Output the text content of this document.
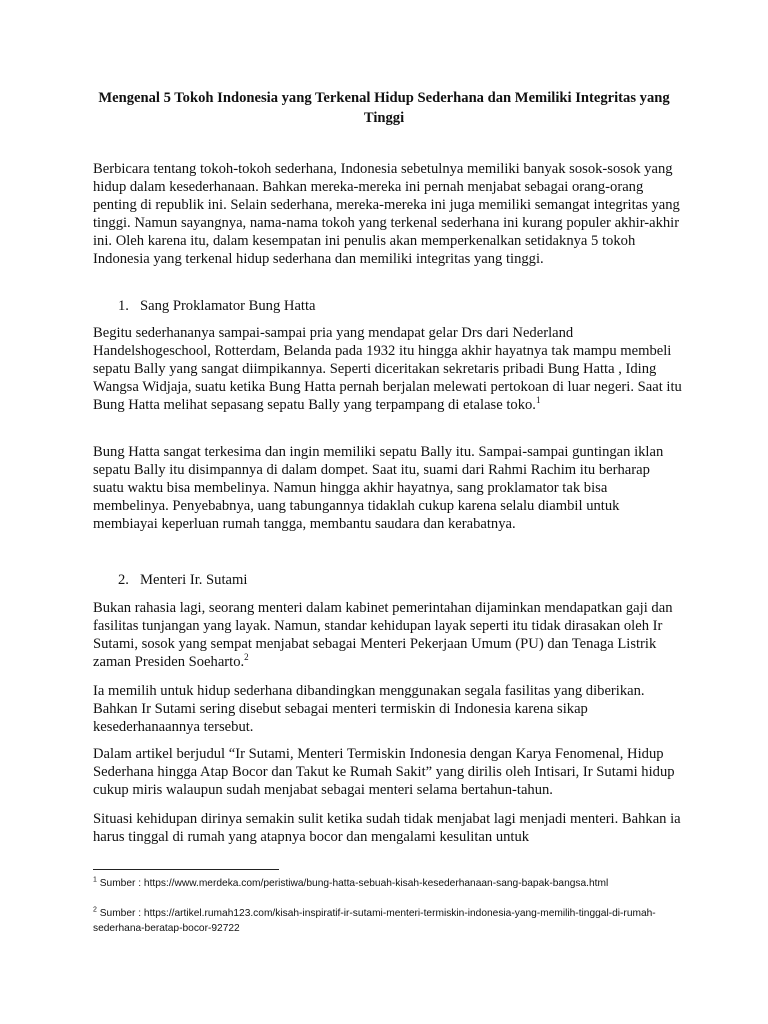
Mengenal 5 Tokoh Indonesia yang Terkenal Hidup Sederhana dan Memiliki Integritas yang Tinggi

Berbicara tentang tokoh-tokoh sederhana, Indonesia sebetulnya memiliki banyak sosok-sosok yang hidup dalam kesederhanaan. Bahkan mereka-mereka ini pernah menjabat sebagai orang-orang penting di republik ini. Selain sederhana, mereka-mereka ini juga memiliki semangat integritas yang tinggi. Namun sayangnya, nama-nama tokoh yang terkenal sederhana ini kurang populer akhir-akhir ini. Oleh karena itu, dalam kesempatan ini penulis akan memperkenalkan setidaknya 5 tokoh Indonesia yang terkenal hidup sederhana dan memiliki integritas yang tinggi.

1. Sang Proklamator Bung Hatta

Begitu sederhananya sampai-sampai pria yang mendapat gelar Drs dari Nederland Handelshogeschool, Rotterdam, Belanda pada 1932 itu hingga akhir hayatnya tak mampu membeli sepatu Bally yang sangat diimpikannya. Seperti diceritakan sekretaris pribadi Bung Hatta , Iding Wangsa Widjaja, suatu ketika Bung Hatta pernah berjalan melewati pertokoan di luar negeri. Saat itu Bung Hatta melihat sepasang sepatu Bally yang terpampang di etalase toko.$^1$

Bung Hatta sangat terkesima dan ingin memiliki sepatu Bally itu. Sampai-sampai guntingan iklan sepatu Bally itu disimpannya di dalam dompet. Saat itu, suami dari Rahmi Rachim itu berharap suatu waktu bisa membelinya. Namun hingga akhir hayatnya, sang proklamator tak bisa membelinya. Penyebabnya, uang tabungannya tidaklah cukup karena selalu diambil untuk membiayai keperluan rumah tangga, membantu saudara dan kerabatnya.

2. Menteri Ir. Sutami

Bukan rahasia lagi, seorang menteri dalam kabinet pemerintahan dijaminkan mendapatkan gaji dan fasilitas tunjangan yang layak. Namun, standar kehidupan layak seperti itu tidak dirasakan oleh Ir Sutami, sosok yang sempat menjabat sebagai Menteri Pekerjaan Umum (PU) dan Tenaga Listrik zaman Presiden Soeharto.$^2$

Ia memilih untuk hidup sederhana dibandingkan menggunakan segala fasilitas yang diberikan. Bahkan Ir Sutami sering disebut sebagai menteri termiskin di Indonesia karena sikap kesederhanaannya tersebut.

Dalam artikel berjudul “Ir Sutami, Menteri Termiskin Indonesia dengan Karya Fenomenal, Hidup Sederhana hingga Atap Bocor dan Takut ke Rumah Sakit” yang dirilis oleh Intisari, Ir Sutami hidup cukup miris walaupun sudah menjabat sebagai menteri selama bertahun-tahun.

Situasi kehidupan dirinya semakin sulit ketika sudah tidak menjabat lagi menjadi menteri. Bahkan ia harus tinggal di rumah yang atapnya bocor dan mengalami kesulitan untuk

$^1$ Sumber : https://www.merdeka.com/peristiwa/bung-hatta-sebuah-kisah-kesederhanaan-sang-bapak-bangsa.html

$^2$ Sumber : https://artikel.rumah123.com/kisah-inspiratif-ir-sutami-menteri-termiskin-indonesia-yang-memilih-tinggal-di-rumah-sederhana-beratap-bocor-92722
